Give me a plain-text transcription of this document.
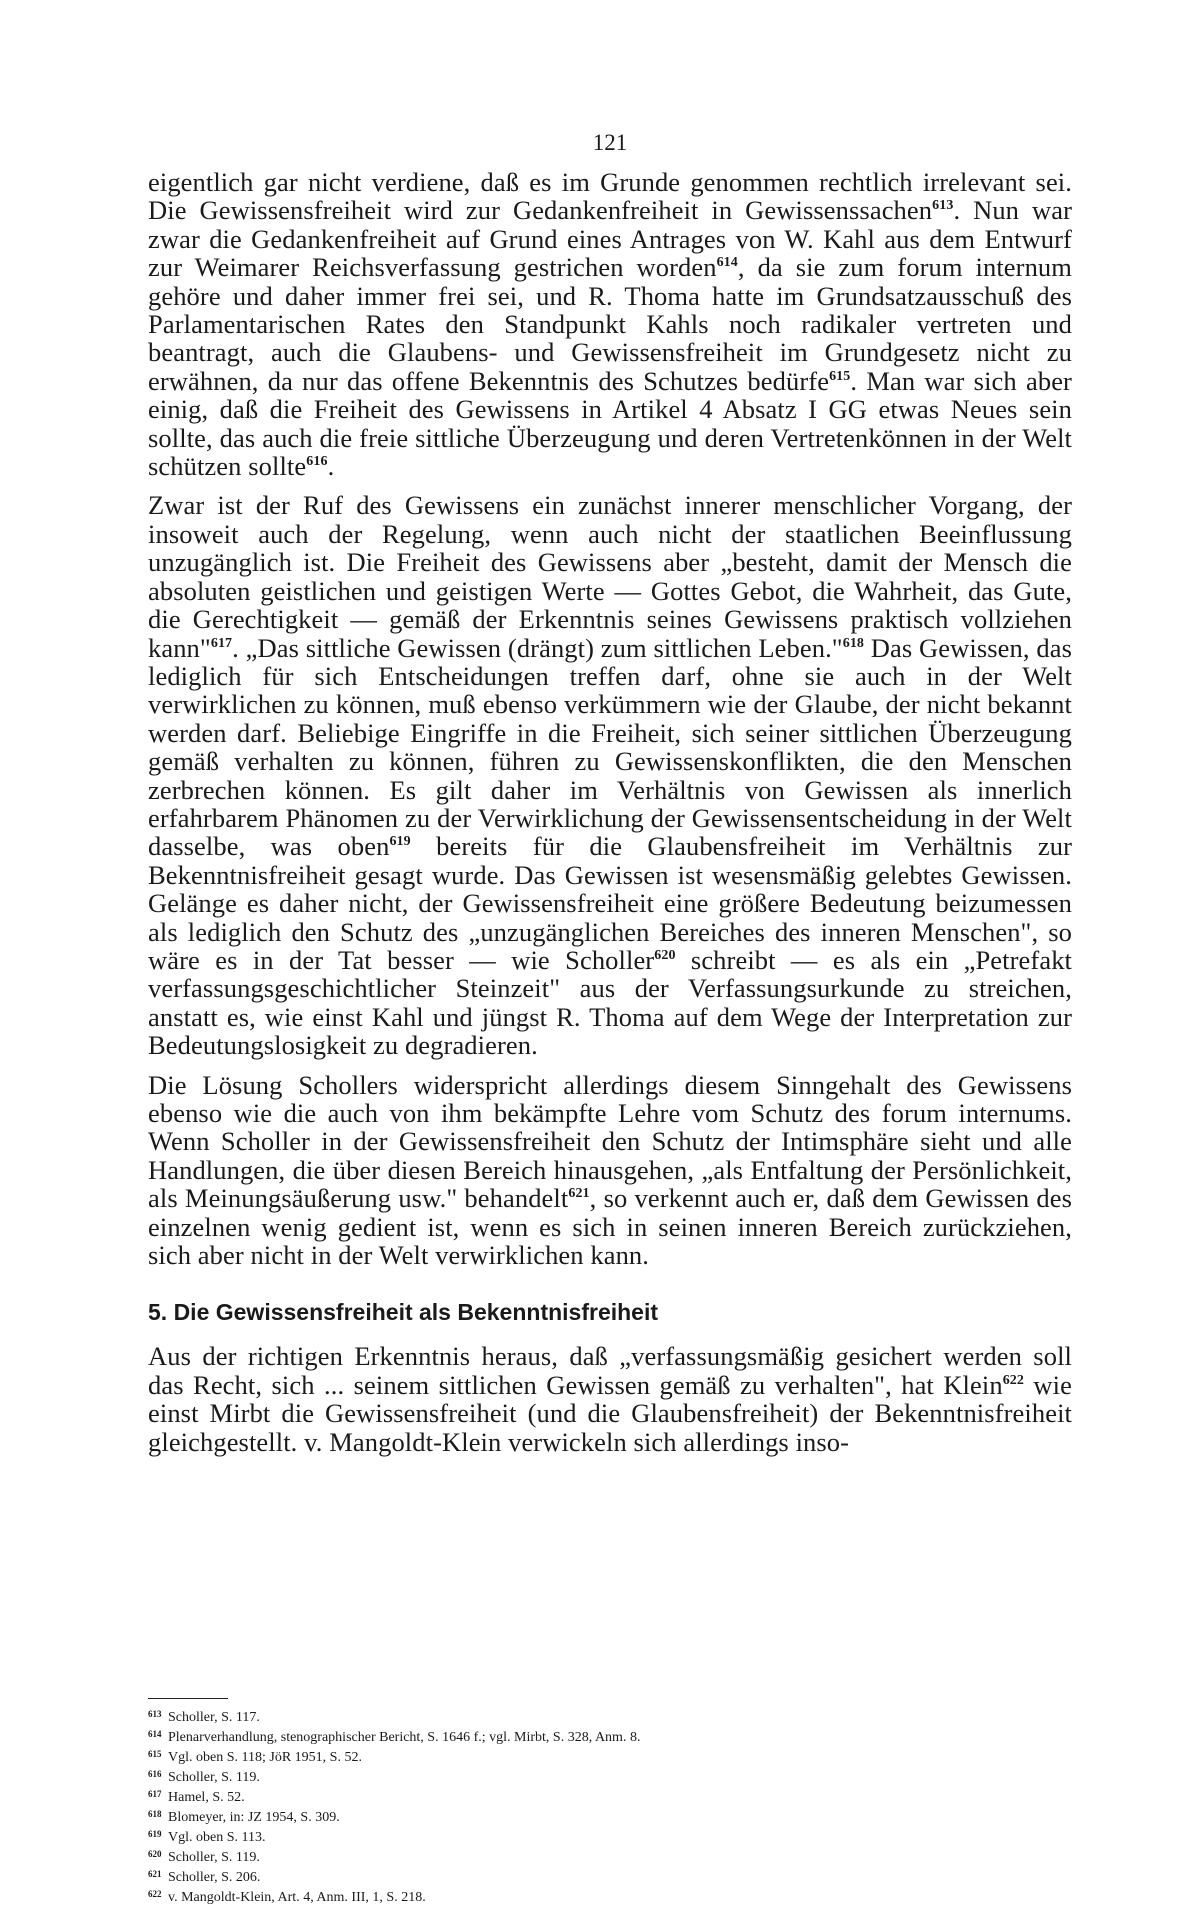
121

eigentlich gar nicht verdiene, daß es im Grunde genommen rechtlich irrelevant sei. Die Gewissensfreiheit wird zur Gedankenfreiheit in Gewissenssachen$^{613}$. Nun war zwar die Gedankenfreiheit auf Grund eines Antrages von W. Kahl aus dem Entwurf zur Weimarer Reichsverfassung gestrichen worden$^{614}$, da sie zum forum internum gehöre und daher immer frei sei, und R. Thoma hatte im Grundsatzausschuß des Parlamentarischen Rates den Standpunkt Kahls noch radikaler vertreten und beantragt, auch die Glaubens- und Gewissensfreiheit im Grundgesetz nicht zu erwähnen, da nur das offene Bekenntnis des Schutzes bedürfe$^{615}$. Man war sich aber einig, daß die Freiheit des Gewissens in Artikel 4 Absatz I GG etwas Neues sein sollte, das auch die freie sittliche Überzeugung und deren Vertretenkönnen in der Welt schützen sollte$^{616}$.

Zwar ist der Ruf des Gewissens ein zunächst innerer menschlicher Vorgang, der insoweit auch der Regelung, wenn auch nicht der staatlichen Beeinflussung unzugänglich ist. Die Freiheit des Gewissens aber „besteht, damit der Mensch die absoluten geistlichen und geistigen Werte — Gottes Gebot, die Wahrheit, das Gute, die Gerechtigkeit — gemäß der Erkenntnis seines Gewissens praktisch vollziehen kann"$^{617}$. „Das sittliche Gewissen (drängt) zum sittlichen Leben."$^{618}$ Das Gewissen, das lediglich für sich Entscheidungen treffen darf, ohne sie auch in der Welt verwirklichen zu können, muß ebenso verkümmern wie der Glaube, der nicht bekannt werden darf. Beliebige Eingriffe in die Freiheit, sich seiner sittlichen Überzeugung gemäß verhalten zu können, führen zu Gewissenskonflikten, die den Menschen zerbrechen können. Es gilt daher im Verhältnis von Gewissen als innerlich erfahrbarem Phänomen zu der Verwirklichung der Gewissensentscheidung in der Welt dasselbe, was oben$^{619}$ bereits für die Glaubensfreiheit im Verhältnis zur Bekenntnisfreiheit gesagt wurde. Das Gewissen ist wesensmäßig gelebtes Gewissen. Gelänge es daher nicht, der Gewissensfreiheit eine größere Bedeutung beizumessen als lediglich den Schutz des „unzugänglichen Bereiches des inneren Menschen", so wäre es in der Tat besser — wie Scholler$^{620}$ schreibt — es als ein „Petrefakt verfassungsgeschichtlicher Steinzeit" aus der Verfassungsurkunde zu streichen, anstatt es, wie einst Kahl und jüngst R. Thoma auf dem Wege der Interpretation zur Bedeutungslosigkeit zu degradieren.

Die Lösung Schollers widerspricht allerdings diesem Sinngehalt des Gewissens ebenso wie die auch von ihm bekämpfte Lehre vom Schutz des forum internums. Wenn Scholler in der Gewissensfreiheit den Schutz der Intimsphäre sieht und alle Handlungen, die über diesen Bereich hinausgehen, „als Entfaltung der Persönlichkeit, als Meinungsäußerung usw." behandelt$^{621}$, so verkennt auch er, daß dem Gewissen des einzelnen wenig gedient ist, wenn es sich in seinen inneren Bereich zurückziehen, sich aber nicht in der Welt verwirklichen kann.

5. Die Gewissensfreiheit als Bekenntnisfreiheit

Aus der richtigen Erkenntnis heraus, daß „verfassungsmäßig gesichert werden soll das Recht, sich ... seinem sittlichen Gewissen gemäß zu verhalten", hat Klein$^{622}$ wie einst Mirbt die Gewissensfreiheit (und die Glaubensfreiheit) der Bekenntnisfreiheit gleichgestellt. v. Mangoldt-Klein verwickeln sich allerdings inso-

613 Scholler, S. 117.
614 Plenarverhandlung, stenographischer Bericht, S. 1646 f.; vgl. Mirbt, S. 328, Anm. 8.
615 Vgl. oben S. 118; JöR 1951, S. 52.
616 Scholler, S. 119.
617 Hamel, S. 52.
618 Blomeyer, in: JZ 1954, S. 309.
619 Vgl. oben S. 113.
620 Scholler, S. 119.
621 Scholler, S. 206.
622 v. Mangoldt-Klein, Art. 4, Anm. III, 1, S. 218.
